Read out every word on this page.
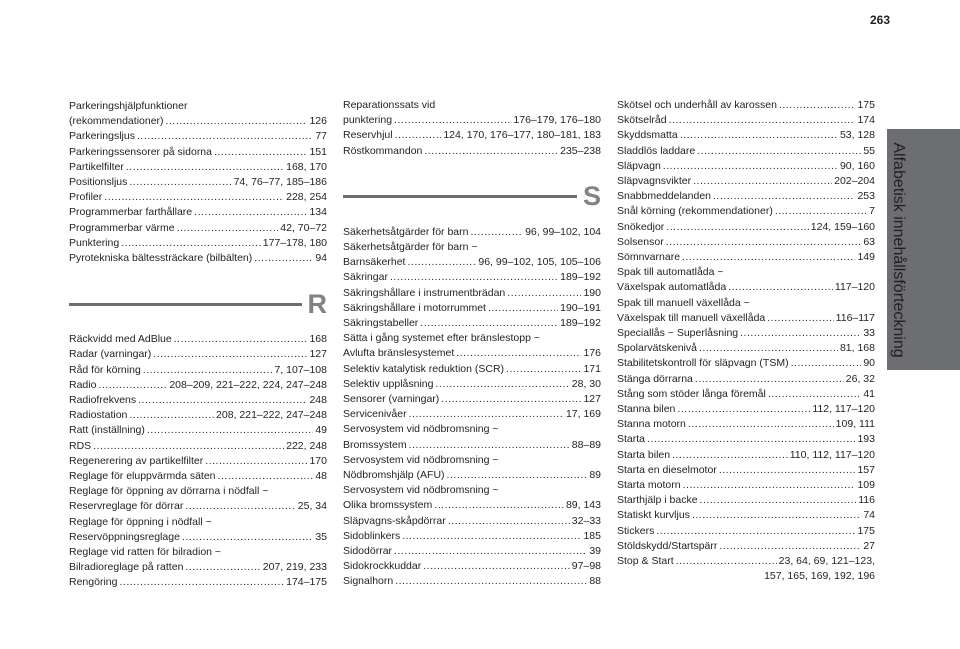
263
Alfabetisk innehållsförteckning
Parkeringshjälpfunktioner
(rekommendationer) . . .	126
Parkeringsljus . . .	77
Parkeringssensorer på sidorna . . .	151
Partikelfilter . . .	168, 170
Positionsljus . . .	74, 76–77, 185–186
Profiler . . .	228, 254
Programmerbar farthållare . . .	134
Programmerbar värme . . .	42, 70–72
Punktering . . .	177–178, 180
Pyrotekniska bältessträckare (bilbälten) . . .	94
R
Räckvidd med AdBlue . . .	168
Radar (varningar) . . .	127
Råd för körning . . .	7, 107–108
Radio . . .	208–209, 221–222, 224, 247–248
Radiofrekvens . . .	248
Radiostation . . .	208, 221–222, 247–248
Ratt (inställning) . . .	49
RDS . . .	222, 248
Regenerering av partikelfilter . . .	170
Reglage för eluppvärmda säten . . .	48
Reglage för öppning av dörrarna i nödfall ~
Reservreglage för dörrar . . .	25, 34
Reglage för öppning i nödfall ~
Reservöppningsreglage . . .	35
Reglage vid ratten för bilradion ~
Bilradioreglage på ratten . . .	207, 219, 233
Rengöring . . .	174–175
Reparationssats vid
punktering . . .	176–179, 176–180
Reservhjul . . .	124, 170, 176–177, 180–181, 183
Röstkommandon . . .	235–238
S
Säkerhetsåtgärder för barn . . .	96, 99–102, 104
Säkerhetsåtgärder för barn ~
Barnsäkerhet . . .	96, 99–102, 105, 105–106
Säkringar . . .	189–192
Säkringshållare i instrumentbrädan . . .	190
Säkringshållare i motorrummet . . .	190–191
Säkringstabeller . . .	189–192
Sätta i gång systemet efter bränslestopp ~
Avlufta bränslesystemet . . .	176
Selektiv katalytisk reduktion (SCR) . . .	171
Selektiv upplåsning . . .	28, 30
Sensorer (varningar) . . .	127
Servicenivåer . . .	17, 169
Servosystem vid nödbromsning ~
Bromssystem . . .	88–89
Servosystem vid nödbromsning ~
Nödbromshjälp (AFU) . . .	89
Servosystem vid nödbromsning ~
Olika bromssystem . . .	89, 143
Släpvagns-skåpdörrar . . .	32–33
Sidoblinkers . . .	185
Sidodörrar . . .	39
Sidokrockkuddar . . .	97–98
Signalhorn . . .	88
Skötsel och underhåll av karossen . . .	175
Skötselråd . . .	174
Skyddsmatta . . .	53, 128
Sladdlös laddare . . .	55
Släpvagn . . .	90, 160
Släpvagnsvikter . . .	202–204
Snabbmeddelanden . . .	253
Snål körning (rekommendationer) . . .	7
Snökedjor . . .	124, 159–160
Solsensor . . .	63
Sömnvarnare . . .	149
Spak till automatlåda ~
Växelspak automatlåda . . .	117–120
Spak till manuell växellåda ~
Växelspak till manuell växellåda . . .	116–117
Speciallås ~ Superlåsning . . .	33
Spolarvätskenivå . . .	81, 168
Stabilitetskontroll för släpvagn (TSM) . . .	90
Stänga dörrarna . . .	26, 32
Stång som stöder långa föremål . . .	41
Stanna bilen . . .	112, 117–120
Stanna motorn . . .	109, 111
Starta . . .	193
Starta bilen . . .	110, 112, 117–120
Starta en dieselmotor . . .	157
Starta motorn . . .	109
Starthjälp i backe . . .	116
Statiskt kurvljus . . .	74
Stickers . . .	175
Stöldskydd/Startspärr . . .	27
Stop & Start . . .	23, 64, 69, 121–123,
157, 165, 169, 192, 196
